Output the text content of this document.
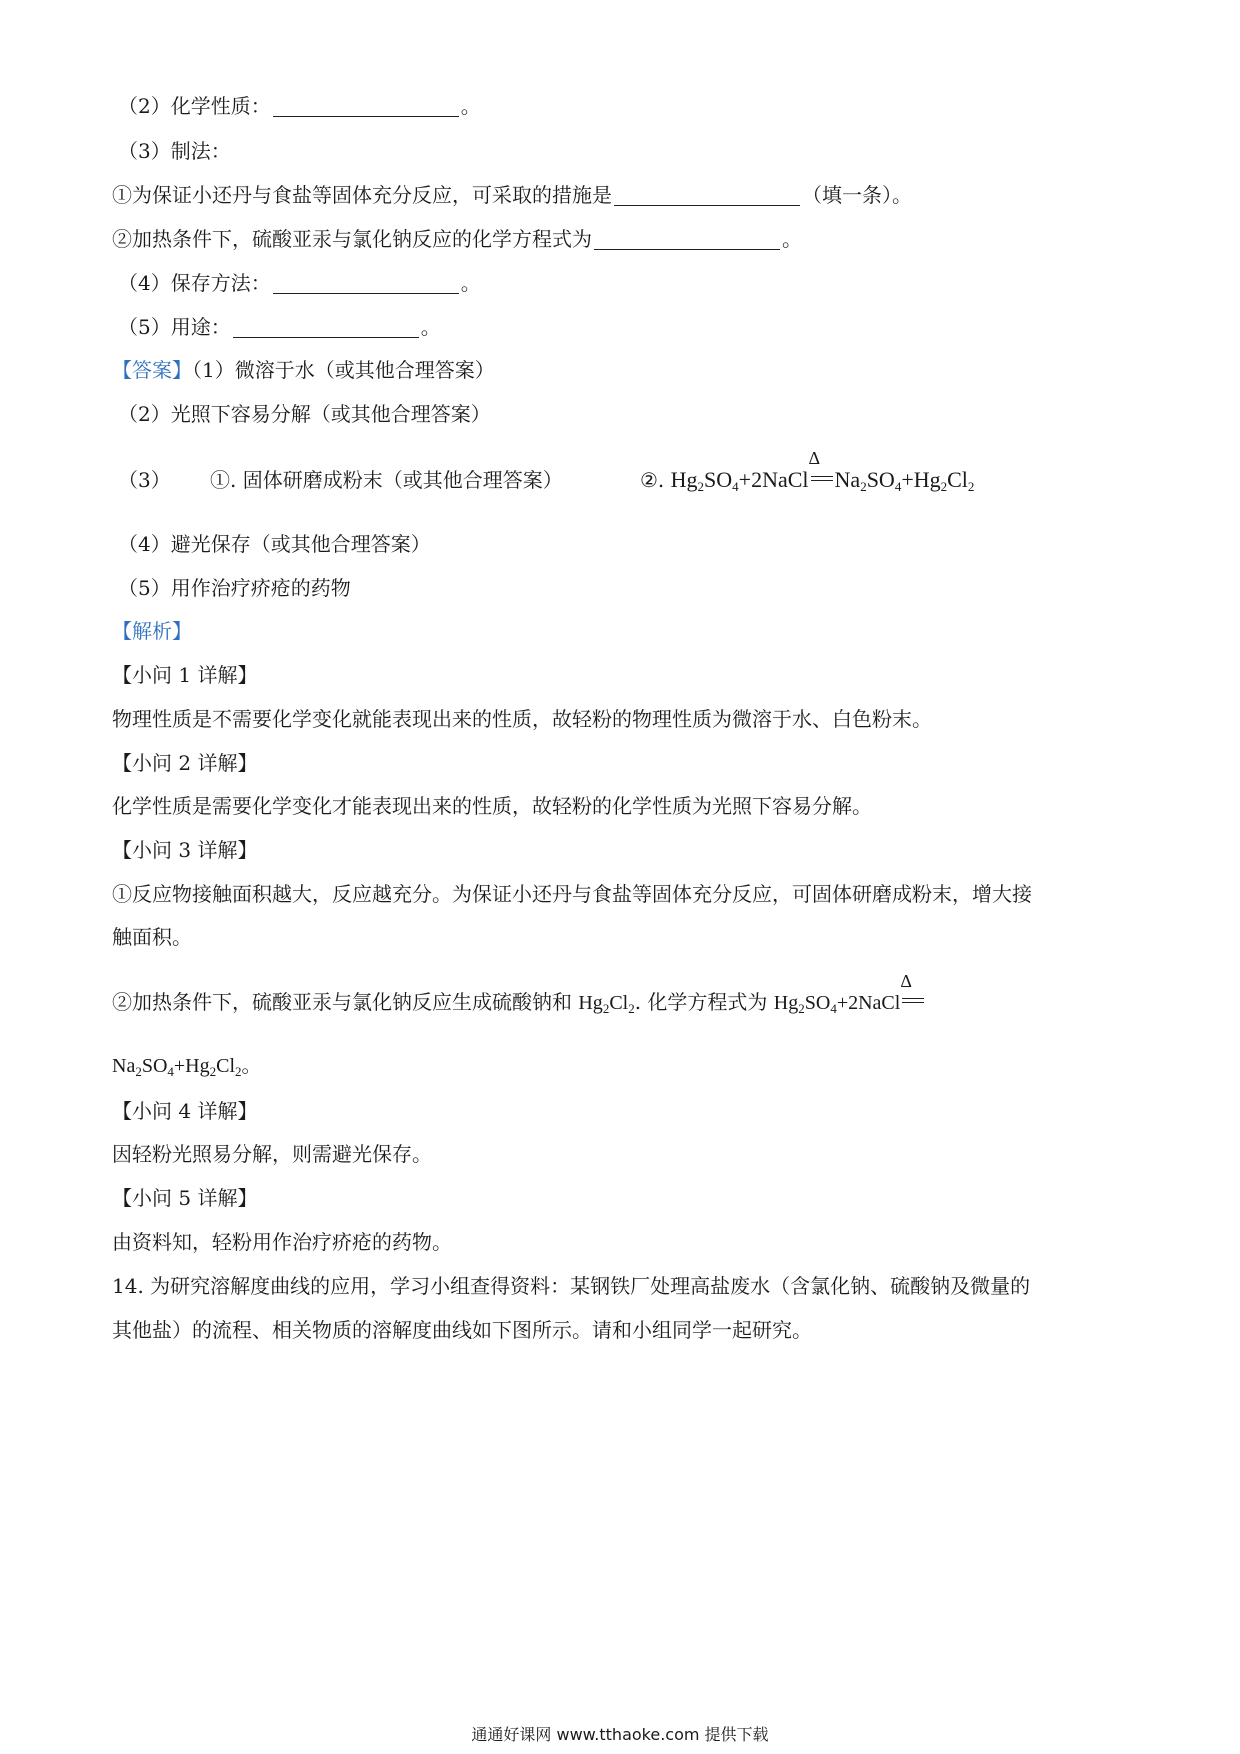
（2）化学性质：	。
（3）制法：
①为保证小还丹与食盐等固体充分反应，可采取的措施是	（填一条）。
②加热条件下，硫酸亚汞与氯化钠反应的化学方程式为	。
（4）保存方法：	。
（5）用途：	。
【答案】（1）微溶于水（或其他合理答案）
（2）光照下容易分解（或其他合理答案）
（3） ①. 固体研磨成粉末（或其他合理答案）	②. $Hg_2SO_4+2NaCl$
Δ
$Na_2SO_4+Hg_2Cl_2$
（4）避光保存（或其他合理答案）
（5）用作治疗疥疮的药物
【解析】
【小问 1 详解】
物理性质是不需要化学变化就能表现出来的性质，故轻粉的物理性质为微溶于水、白色粉末。
【小问 2 详解】
化学性质是需要化学变化才能表现出来的性质，故轻粉的化学性质为光照下容易分解。
【小问 3 详解】
①反应物接触面积越大，反应越充分。为保证小还丹与食盐等固体充分反应，可固体研磨成粉末，增大接
触面积。
②加热条件下，硫酸亚汞与氯化钠反应生成硫酸钠和 $Hg_2Cl_2$. 化学方程式为 $Hg_2SO_4+2NaCl$
Δ
$Na_2SO_4+Hg_2Cl_2$。
【小问 4 详解】
因轻粉光照易分解，则需避光保存。
【小问 5 详解】
由资料知，轻粉用作治疗疥疮的药物。
14. 为研究溶解度曲线的应用，学习小组查得资料：某钢铁厂处理高盐废水（含氯化钠、硫酸钠及微量的
其他盐）的流程、相关物质的溶解度曲线如下图所示。请和小组同学一起研究。
通通好课网 www.tthaoke.com 提供下载
